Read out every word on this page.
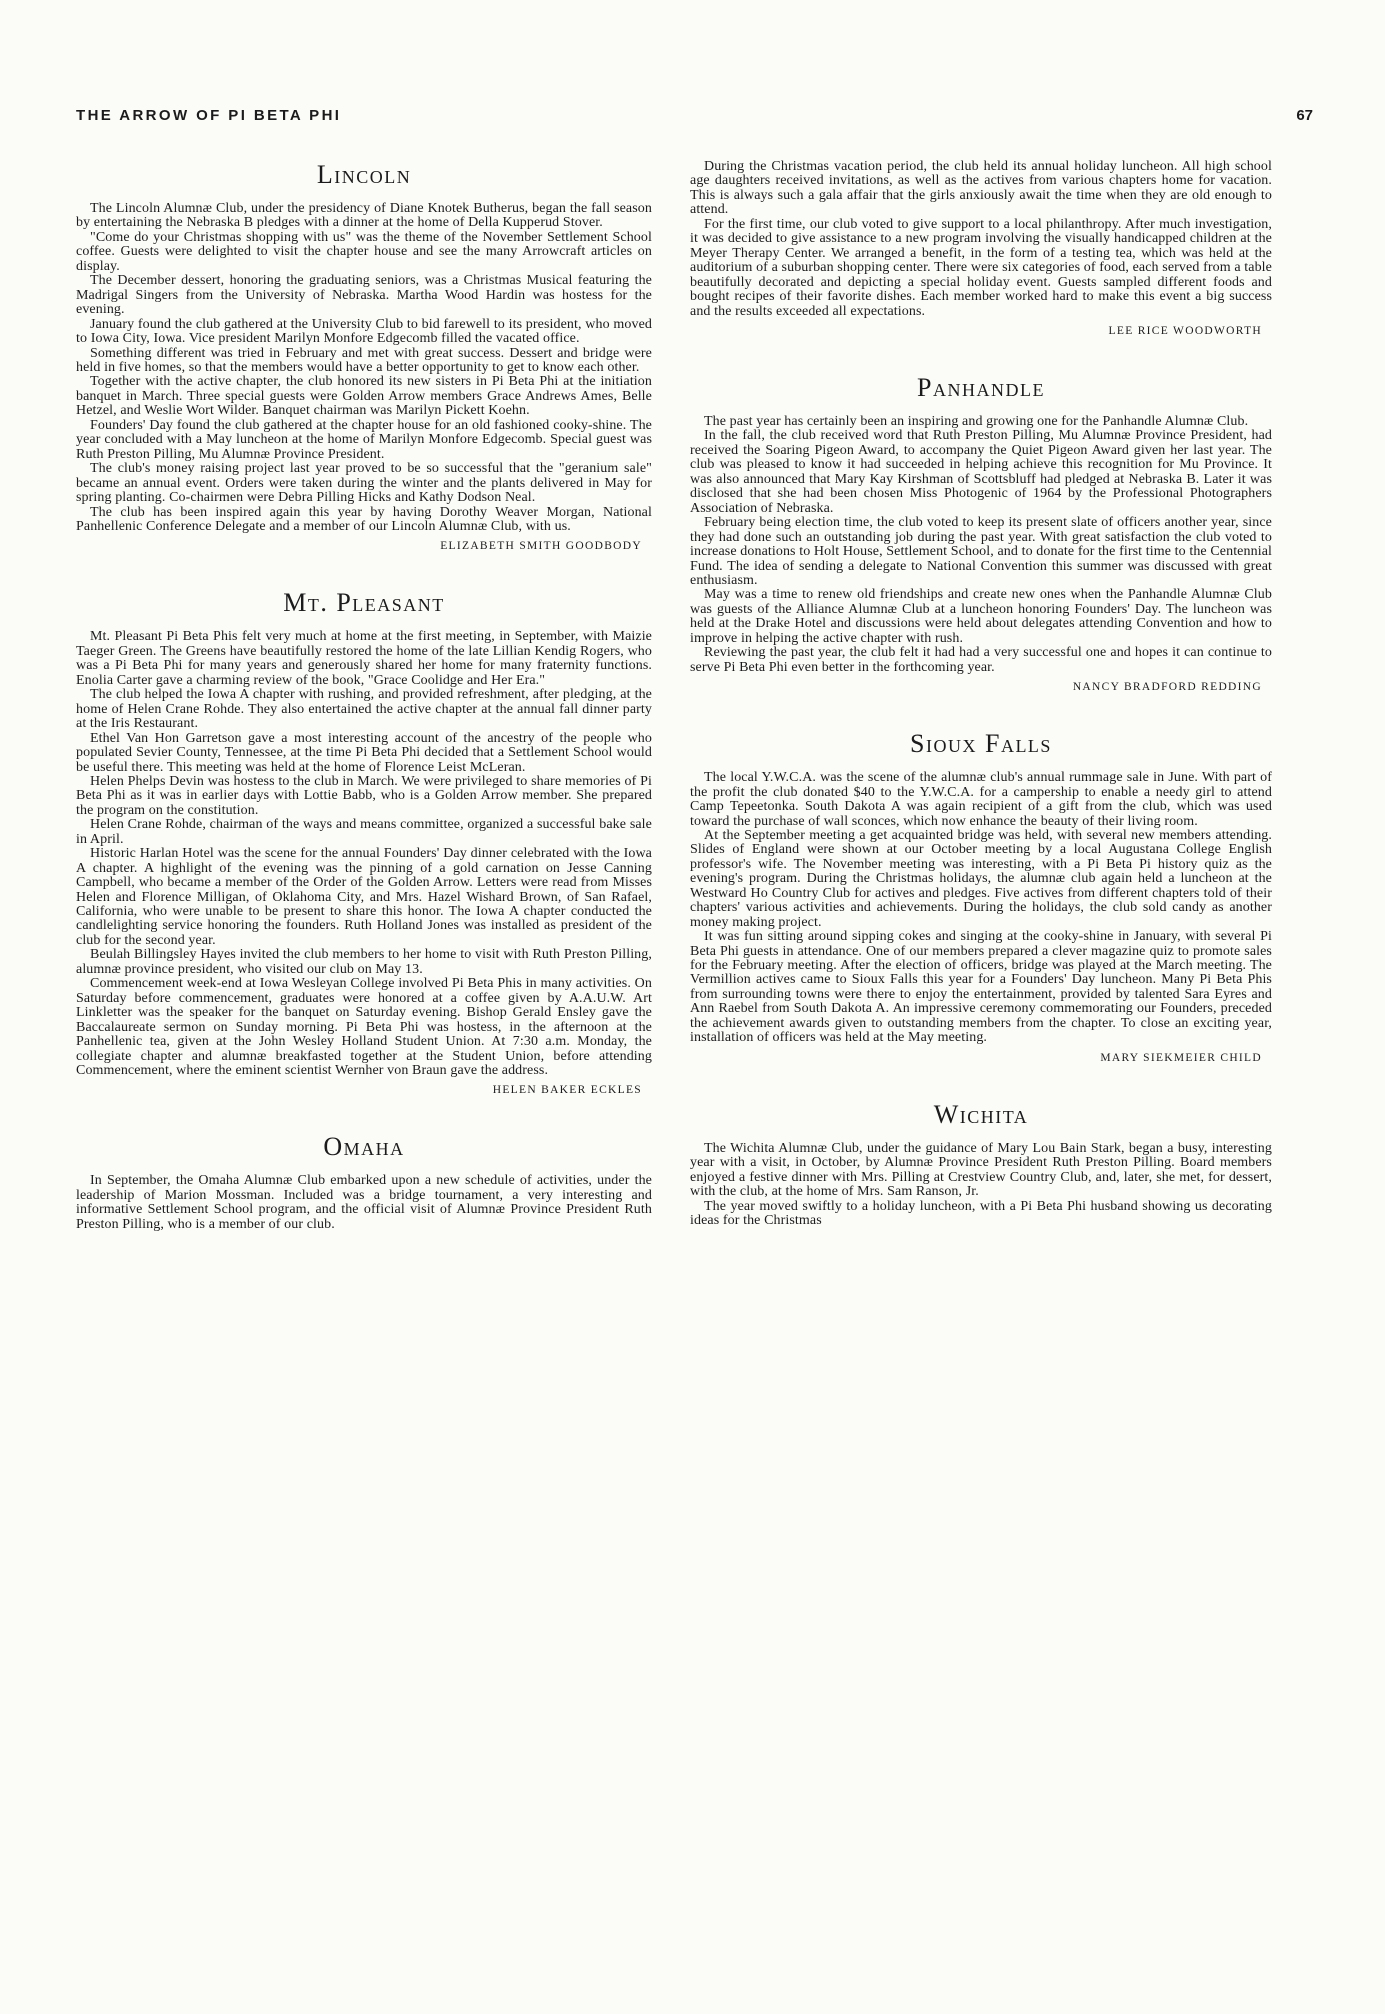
THE ARROW OF PI BETA PHI	67
Lincoln

The Lincoln Alumnæ Club, under the presidency of Diane Knotek Butherus, began the fall season by entertaining the Nebraska B pledges with a dinner at the home of Della Kupperud Stover.

"Come do your Christmas shopping with us" was the theme of the November Settlement School coffee. Guests were delighted to visit the chapter house and see the many Arrowcraft articles on display.

The December dessert, honoring the graduating seniors, was a Christmas Musical featuring the Madrigal Singers from the University of Nebraska. Martha Wood Hardin was hostess for the evening.

January found the club gathered at the University Club to bid farewell to its president, who moved to Iowa City, Iowa. Vice president Marilyn Monfore Edgecomb filled the vacated office.

Something different was tried in February and met with great success. Dessert and bridge were held in five homes, so that the members would have a better opportunity to get to know each other.

Together with the active chapter, the club honored its new sisters in Pi Beta Phi at the initiation banquet in March. Three special guests were Golden Arrow members Grace Andrews Ames, Belle Hetzel, and Weslie Wort Wilder. Banquet chairman was Marilyn Pickett Koehn.

Founders' Day found the club gathered at the chapter house for an old fashioned cooky-shine. The year concluded with a May luncheon at the home of Marilyn Monfore Edgecomb. Special guest was Ruth Preston Pilling, Mu Alumnæ Province President.

The club's money raising project last year proved to be so successful that the "geranium sale" became an annual event. Orders were taken during the winter and the plants delivered in May for spring planting. Co-chairmen were Debra Pilling Hicks and Kathy Dodson Neal.

The club has been inspired again this year by having Dorothy Weaver Morgan, National Panhellenic Conference Delegate and a member of our Lincoln Alumnæ Club, with us.

ELIZABETH SMITH GOODBODY
Mt. Pleasant

Mt. Pleasant Pi Beta Phis felt very much at home at the first meeting, in September, with Maizie Taeger Green. The Greens have beautifully restored the home of the late Lillian Kendig Rogers, who was a Pi Beta Phi for many years and generously shared her home for many fraternity functions. Enolia Carter gave a charming review of the book, "Grace Coolidge and Her Era."

The club helped the Iowa A chapter with rushing, and provided refreshment, after pledging, at the home of Helen Crane Rohde. They also entertained the active chapter at the annual fall dinner party at the Iris Restaurant.

Ethel Van Hon Garretson gave a most interesting account of the ancestry of the people who populated Sevier County, Tennessee, at the time Pi Beta Phi decided that a Settlement School would be useful there. This meeting was held at the home of Florence Leist McLeran.

Helen Phelps Devin was hostess to the club in March. We were privileged to share memories of Pi Beta Phi as it was in earlier days with Lottie Babb, who is a Golden Arrow member. She prepared the program on the constitution.

Helen Crane Rohde, chairman of the ways and means committee, organized a successful bake sale in April.

Historic Harlan Hotel was the scene for the annual Founders' Day dinner celebrated with the Iowa A chapter. A highlight of the evening was the pinning of a gold carnation on Jesse Canning Campbell, who became a member of the Order of the Golden Arrow. Letters were read from Misses Helen and Florence Milligan, of Oklahoma City, and Mrs. Hazel Wishard Brown, of San Rafael, California, who were unable to be present to share this honor. The Iowa A chapter conducted the candlelighting service honoring the founders. Ruth Holland Jones was installed as president of the club for the second year.

Beulah Billingsley Hayes invited the club members to her home to visit with Ruth Preston Pilling, alumnæ province president, who visited our club on May 13.

Commencement week-end at Iowa Wesleyan College involved Pi Beta Phis in many activities. On Saturday before commencement, graduates were honored at a coffee given by A.A.U.W. Art Linkletter was the speaker for the banquet on Saturday evening. Bishop Gerald Ensley gave the Baccalaureate sermon on Sunday morning. Pi Beta Phi was hostess, in the afternoon at the Panhellenic tea, given at the John Wesley Holland Student Union. At 7:30 a.m. Monday, the collegiate chapter and alumnæ breakfasted together at the Student Union, before attending Commencement, where the eminent scientist Wernher von Braun gave the address.

HELEN BAKER ECKLES
Omaha

In September, the Omaha Alumnæ Club embarked upon a new schedule of activities, under the leadership of Marion Mossman. Included was a bridge tournament, a very interesting and informative Settlement School program, and the official visit of Alumnæ Province President Ruth Preston Pilling, who is a member of our club.

During the Christmas vacation period, the club held its annual holiday luncheon. All high school age daughters received invitations, as well as the actives from various chapters home for vacation. This is always such a gala affair that the girls anxiously await the time when they are old enough to attend.

For the first time, our club voted to give support to a local philanthropy. After much investigation, it was decided to give assistance to a new program involving the visually handicapped children at the Meyer Therapy Center. We arranged a benefit, in the form of a testing tea, which was held at the auditorium of a suburban shopping center. There were six categories of food, each served from a table beautifully decorated and depicting a special holiday event. Guests sampled different foods and bought recipes of their favorite dishes. Each member worked hard to make this event a big success and the results exceeded all expectations.

LEE RICE WOODWORTH
Panhandle

The past year has certainly been an inspiring and growing one for the Panhandle Alumnæ Club.

In the fall, the club received word that Ruth Preston Pilling, Mu Alumnæ Province President, had received the Soaring Pigeon Award, to accompany the Quiet Pigeon Award given her last year. The club was pleased to know it had succeeded in helping achieve this recognition for Mu Province. It was also announced that Mary Kay Kirshman of Scottsbluff had pledged at Nebraska B. Later it was disclosed that she had been chosen Miss Photogenic of 1964 by the Professional Photographers Association of Nebraska.

February being election time, the club voted to keep its present slate of officers another year, since they had done such an outstanding job during the past year. With great satisfaction the club voted to increase donations to Holt House, Settlement School, and to donate for the first time to the Centennial Fund. The idea of sending a delegate to National Convention this summer was discussed with great enthusiasm.

May was a time to renew old friendships and create new ones when the Panhandle Alumnæ Club was guests of the Alliance Alumnæ Club at a luncheon honoring Founders' Day. The luncheon was held at the Drake Hotel and discussions were held about delegates attending Convention and how to improve in helping the active chapter with rush.

Reviewing the past year, the club felt it had had a very successful one and hopes it can continue to serve Pi Beta Phi even better in the forthcoming year.

NANCY BRADFORD REDDING
Sioux Falls

The local Y.W.C.A. was the scene of the alumnæ club's annual rummage sale in June. With part of the profit the club donated $40 to the Y.W.C.A. for a campership to enable a needy girl to attend Camp Tepeetonka. South Dakota A was again recipient of a gift from the club, which was used toward the purchase of wall sconces, which now enhance the beauty of their living room.

At the September meeting a get acquainted bridge was held, with several new members attending. Slides of England were shown at our October meeting by a local Augustana College English professor's wife. The November meeting was interesting, with a Pi Beta Pi history quiz as the evening's program. During the Christmas holidays, the alumnæ club again held a luncheon at the Westward Ho Country Club for actives and pledges. Five actives from different chapters told of their chapters' various activities and achievements. During the holidays, the club sold candy as another money making project.

It was fun sitting around sipping cokes and singing at the cooky-shine in January, with several Pi Beta Phi guests in attendance. One of our members prepared a clever magazine quiz to promote sales for the February meeting. After the election of officers, bridge was played at the March meeting. The Vermillion actives came to Sioux Falls this year for a Founders' Day luncheon. Many Pi Beta Phis from surrounding towns were there to enjoy the entertainment, provided by talented Sara Eyres and Ann Raebel from South Dakota A. An impressive ceremony commemorating our Founders, preceded the achievement awards given to outstanding members from the chapter. To close an exciting year, installation of officers was held at the May meeting.

MARY SIEKMEIER CHILD
Wichita

The Wichita Alumnæ Club, under the guidance of Mary Lou Bain Stark, began a busy, interesting year with a visit, in October, by Alumnæ Province President Ruth Preston Pilling. Board members enjoyed a festive dinner with Mrs. Pilling at Crestview Country Club, and, later, she met, for dessert, with the club, at the home of Mrs. Sam Ranson, Jr.

The year moved swiftly to a holiday luncheon, with a Pi Beta Phi husband showing us decorating ideas for the Christmas
